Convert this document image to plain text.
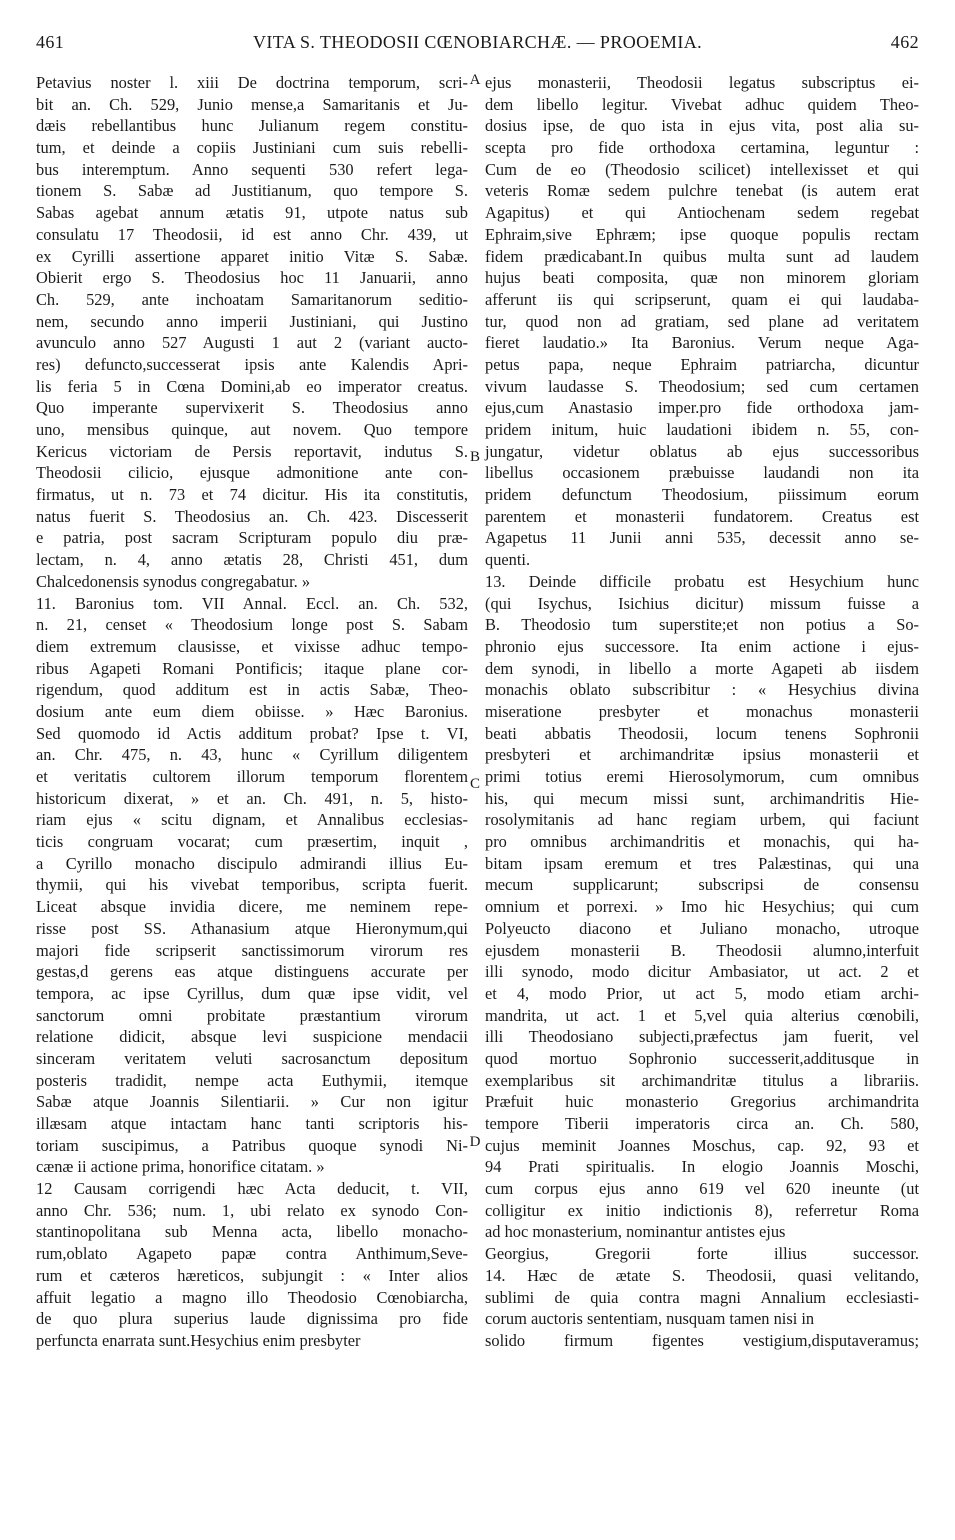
461	VITA S. THEODOSII CŒNOBIARCHÆ. — PROOEMIA.	462
Petavius noster l. xiii De doctrina temporum, scri-
bit an. Ch. 529, Junio mense,a Samaritanis et Ju-
dæis rebellantibus hunc Julianum regem constitu-
tum, et deinde a copiis Justiniani cum suis rebelli-
bus interemptum. Anno sequenti 530 refert lega-
tionem S. Sabæ ad Justitianum, quo tempore S.
Sabas agebat annum ætatis 91, utpote natus sub
consulatu 17 Theodosii, id est anno Chr. 439, ut
ex Cyrilli assertione apparet initio Vitæ S. Sabæ.
Obierit ergo S. Theodosius hoc 11 Januarii, anno
Ch. 529, ante inchoatam Samaritanorum seditio-
nem, secundo anno imperii Justiniani, qui Justino
avunculo anno 527 Augusti 1 aut 2 (variant aucto-
res) defuncto,successerat ipsis ante Kalendis Apri-
lis feria 5 in Cœna Domini,ab eo imperator creatus.
Quo imperante supervixerit S. Theodosius anno
uno, mensibus quinque, aut novem. Quo tempore
Kericus victoriam de Persis reportavit, indutus S.
Theodosii cilicio, ejusque admonitione ante con-
firmatus, ut n. 73 et 74 dicitur. His ita constitutis,
natus fuerit S. Theodosius an. Ch. 423. Discesserit
e patria, post sacram Scripturam populo diu præ-
lectam, n. 4, anno ætatis 28, Christi 451, dum
Chalcedonensis synodus congregabatur. »
11. Baronius tom. VII Annal. Eccl. an. Ch. 532,
n. 21, censet « Theodosium longe post S. Sabam
diem extremum clausisse, et vixisse adhuc tempo-
ribus Agapeti Romani Pontificis; itaque plane cor-
rigendum, quod additum est in actis Sabæ, Theo-
dosium ante eum diem obiisse. » Hæc Baronius.
Sed quomodo id Actis additum probat? Ipse t. VI,
an. Chr. 475, n. 43, hunc « Cyrillum diligentem
et veritatis cultorem illorum temporum florentem
historicum dixerat, » et an. Ch. 491, n. 5, histo-
riam ejus « scitu dignam, et Annalibus ecclesias-
ticis congruam vocarat; cum præsertim, inquit ,
a Cyrillo monacho discipulo admirandi illius Eu-
thymii, qui his vivebat temporibus, scripta fuerit.
Liceat absque invidia dicere, me neminem repe-
risse post SS. Athanasium atque Hieronymum,qui
majori fide scripserit sanctissimorum virorum res
gestas,d gerens eas atque distinguens accurate per
tempora, ac ipse Cyrillus, dum quæ ipse vidit, vel
sanctorum omni probitate præstantium virorum
relatione didicit, absque levi suspicione mendacii
sinceram veritatem veluti sacrosanctum depositum
posteris tradidit, nempe acta Euthymii, itemque
Sabæ atque Joannis Silentiarii. » Cur non igitur
illæsam atque intactam hanc tanti scriptoris his-
toriam suscipimus, a Patribus quoque synodi Ni-
cænæ ii actione prima, honorifice citatam. »
12 Causam corrigendi hæc Acta deducit, t. VII,
anno Chr. 536; num. 1, ubi relato ex synodo Con-
stantinopolitana sub Menna acta, libello monacho-
rum,oblato Agapeto papæ contra Anthimum,Seve-
rum et cæteros hæreticos, subjungit : « Inter alios
affuit legatio a magno illo Theodosio Cœnobiarcha,
de quo plura superius laude dignissima pro fide
perfuncta enarrata sunt.Hesychius enim presbyter
A
B
C
D
ejus monasterii, Theodosii legatus subscriptus ei-
dem libello legitur. Vivebat adhuc quidem Theo-
dosius ipse, de quo ista in ejus vita, post alia su-
scepta pro fide orthodoxa certamina, leguntur :
Cum de eo (Theodosio scilicet) intellexisset et qui
veteris Romæ sedem pulchre tenebat (is autem erat
Agapitus) et qui Antiochenam sedem regebat
Ephraim,sive Ephræm; ipse quoque populis rectam
fidem prædicabant.In quibus multa sunt ad laudem
hujus beati composita, quæ non minorem gloriam
afferunt iis qui scripserunt, quam ei qui laudaba-
tur, quod non ad gratiam, sed plane ad veritatem
fieret laudatio.» Ita Baronius. Verum neque Aga-
petus papa, neque Ephraim patriarcha, dicuntur
vivum laudasse S. Theodosium; sed cum certamen
ejus,cum Anastasio imper.pro fide orthodoxa jam-
pridem initum, huic laudationi ibidem n. 55, con-
jungatur, videtur oblatus ab ejus successoribus
libellus occasionem præbuisse laudandi non ita
pridem defunctum Theodosium, piissimum eorum
parentem et monasterii fundatorem. Creatus est
Agapetus 11 Junii anni 535, decessit anno se-
quenti.
13. Deinde difficile probatu est Hesychium hunc
(qui Isychus, Isichius dicitur) missum fuisse a
B. Theodosio tum superstite;et non potius a So-
phronio ejus successore. Ita enim actione i ejus-
dem synodi, in libello a morte Agapeti ab iisdem
monachis oblato subscribitur : « Hesychius divina
miseratione presbyter et monachus monasterii
beati abbatis Theodosii, locum tenens Sophronii
presbyteri et archimandritæ ipsius monasterii et
primi totius eremi Hierosolymorum, cum omnibus
his, qui mecum missi sunt, archimandritis Hie-
rosolymitanis ad hanc regiam urbem, qui faciunt
pro omnibus archimandritis et monachis, qui ha-
bitam ipsam eremum et tres Palæstinas, qui una
mecum supplicarunt; subscripsi de consensu
omnium et porrexi. » Imo hic Hesychius; qui cum
Polyeucto diacono et Juliano monacho, utroque
ejusdem monasterii B. Theodosii alumno,interfuit
illi synodo, modo dicitur Ambasiator, ut act. 2 et
et 4, modo Prior, ut act 5, modo etiam archi-
mandrita, ut act. 1 et 5,vel quia alterius cœnobili,
illi Theodosiano subjecti,præfectus jam fuerit, vel
quod mortuo Sophronio successerit,additusque in
exemplaribus sit archimandritæ titulus a librariis.
Præfuit huic monasterio Gregorius archimandrita
tempore Tiberii imperatoris circa an. Ch. 580,
cujus meminit Joannes Moschus, cap. 92, 93 et
94 Prati spiritualis. In elogio Joannis Moschi,
cum corpus ejus anno 619 vel 620 ineunte (ut
colligitur ex initio indictionis 8), referretur Roma
ad hoc monasterium, nominantur antistes ejus
Georgius, Gregorii forte illius successor.
14. Hæc de ætate S. Theodosii, quasi velitando,
sublimi de quia contra magni Annalium ecclesiasti-
corum auctoris sententiam, nusquam tamen nisi in
solido firmum figentes vestigium,disputaveramus;
